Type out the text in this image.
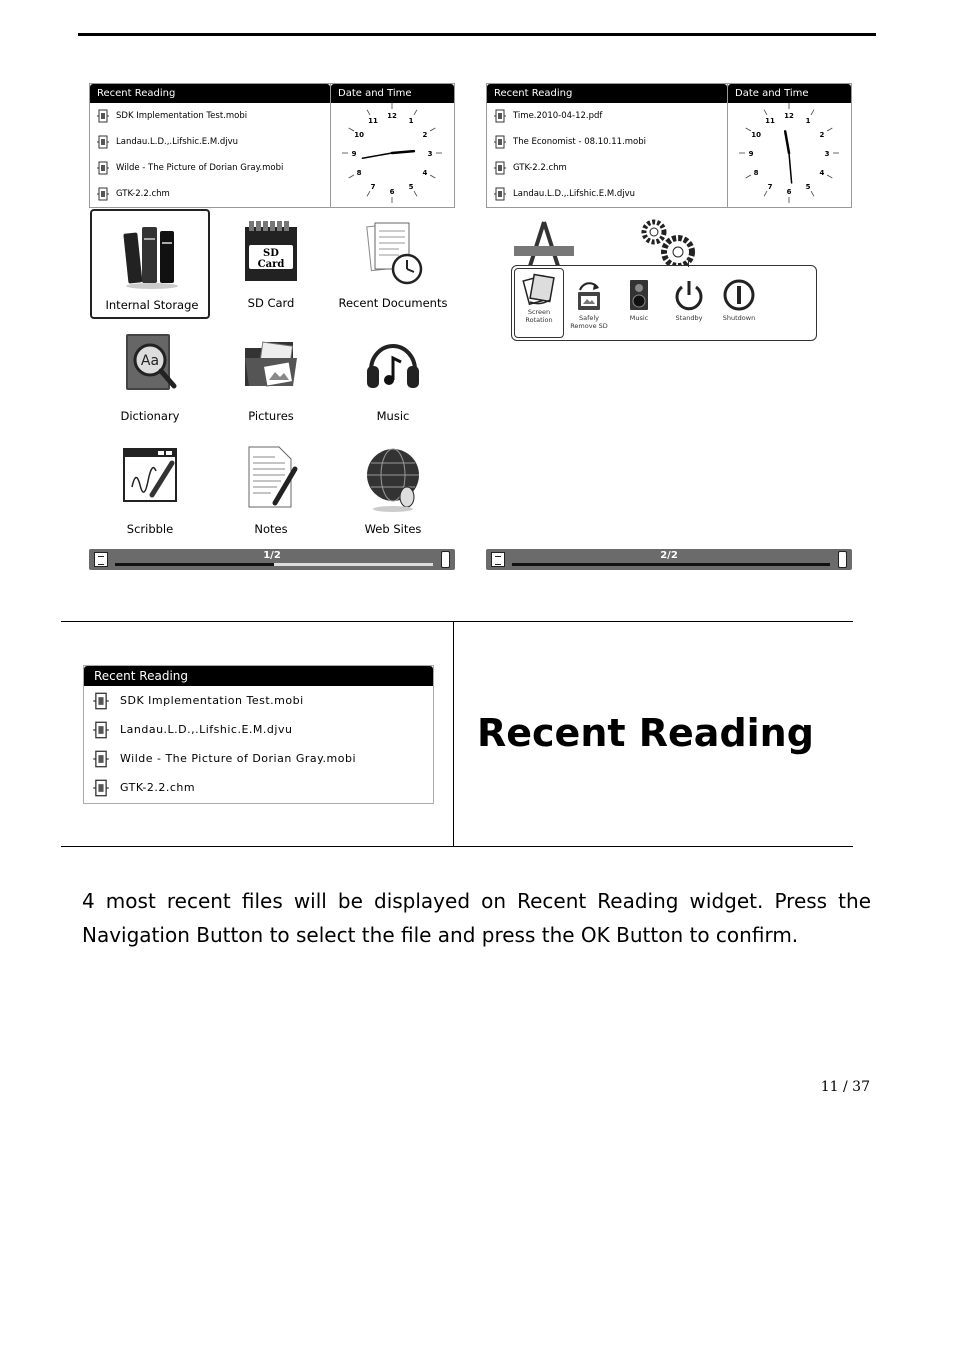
Recent Reading
SDK Implementation Test.mobi
Landau.L.D.,.Lifshic.E.M.djvu
Wilde - The Picture of Dorian Gray.mobi
GTK-2.2.chm
Date and Time
12
1
2
3
4
5
6
7
8
9
10
11
Internal Storage
SD
Card
SD Card	Recent Documents
Aa
Dictionary	Pictures	Music
Scribble	Notes	Web Sites
1/2
Recent Reading
Time.2010-04-12.pdf
The Economist - 08.10.11.mobi
GTK-2.2.chm
Landau.L.D.,.Lifshic.E.M.djvu
Date and Time
12
1
2
3
4
5
6
7
8
9
10
11
Screen
Rotation	Safely
Remove SD
Music	Standby	Shutdown
2/2
Recent Reading
SDK Implementation Test.mobi
Landau.L.D.,.Lifshic.E.M.djvu
Wilde - The Picture of Dorian Gray.mobi
GTK-2.2.chm
Recent Reading

4 most recent files will be displayed on Recent Reading widget. Press the Navigation Button to select the file and press the OK Button to confirm.

11 / 37
